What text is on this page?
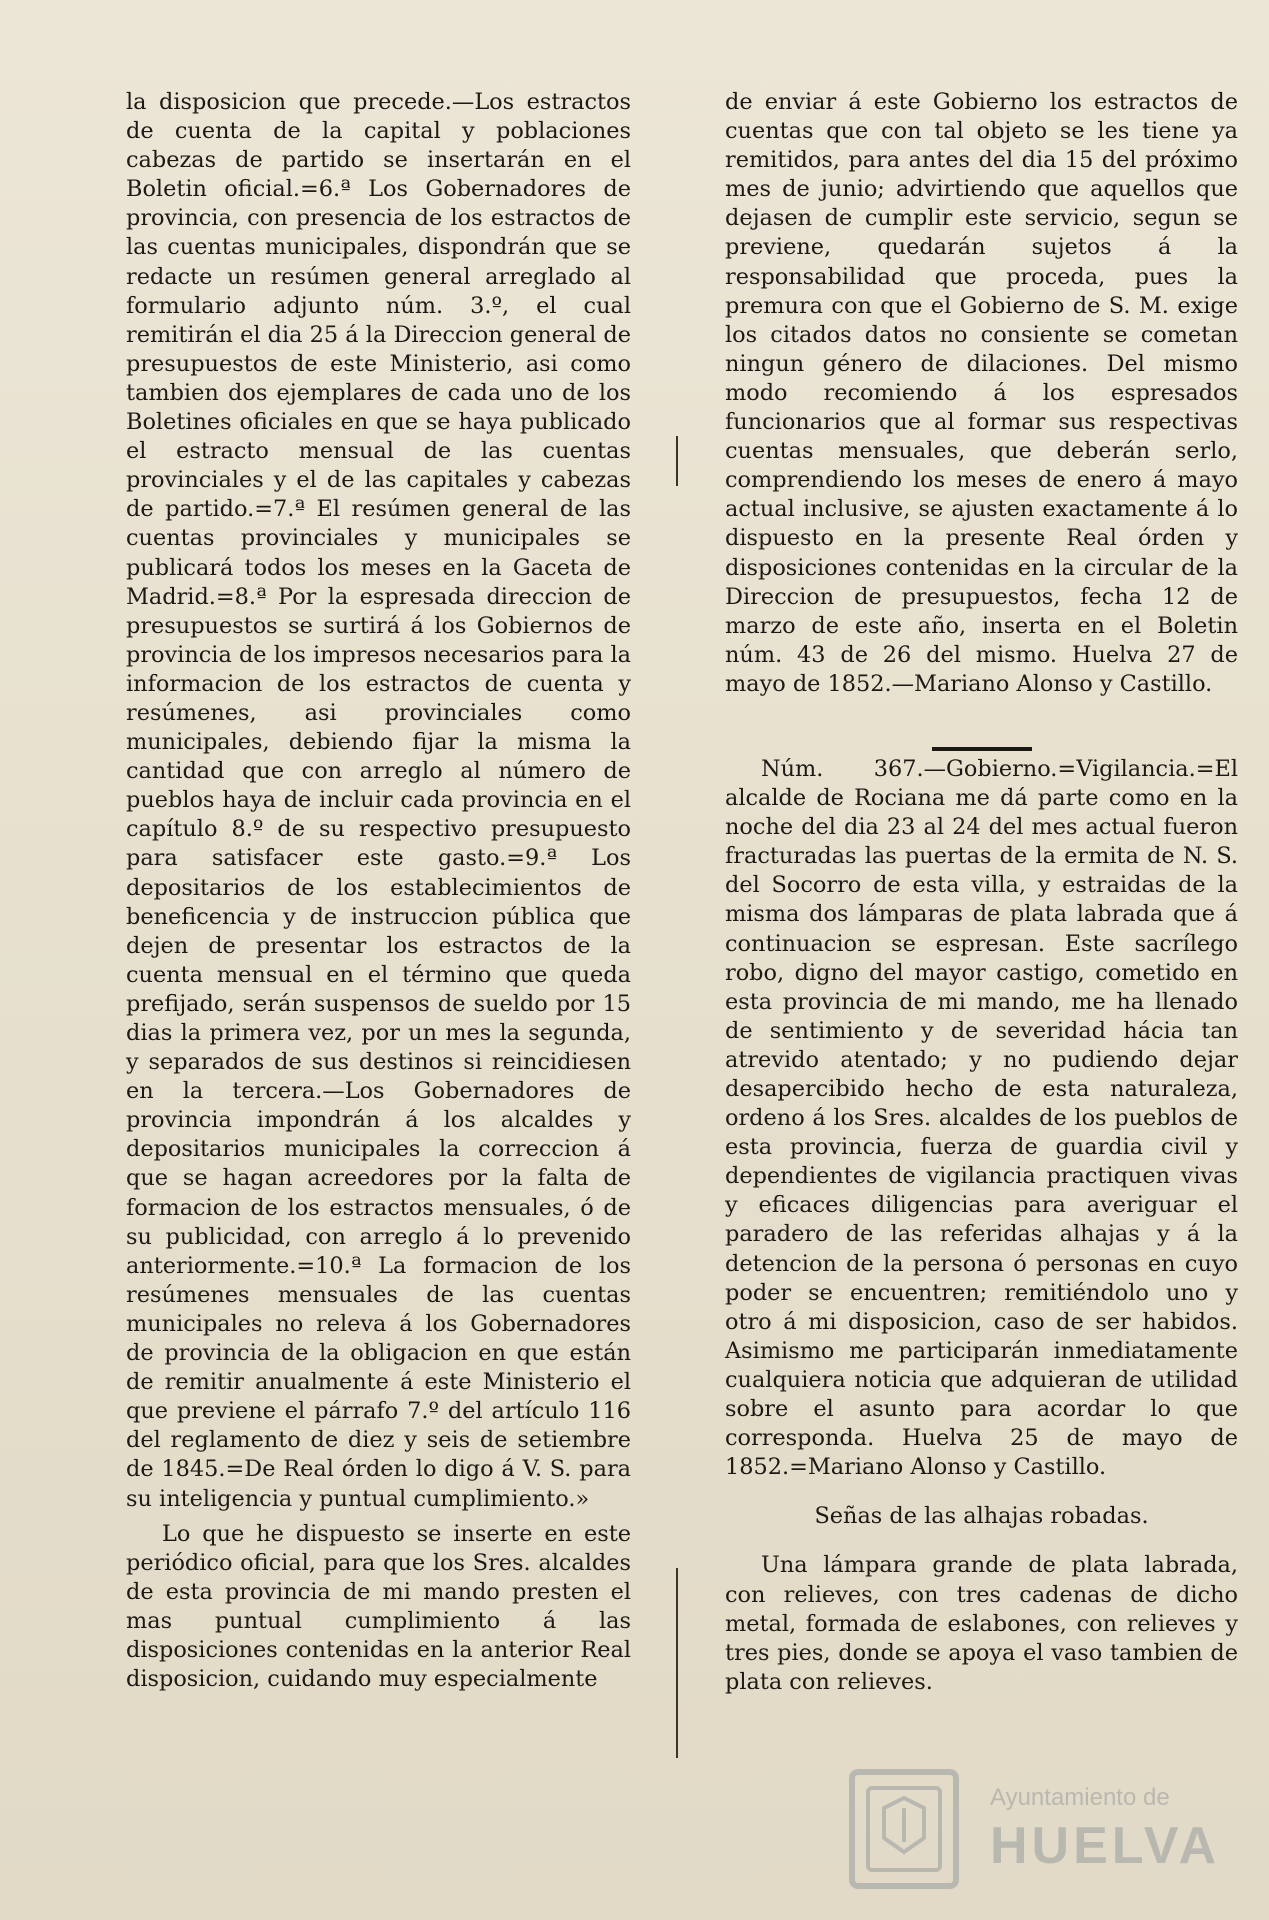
la disposicion que precede.—Los estractos de cuenta de la capital y poblaciones cabezas de partido se insertarán en el Boletin oficial.=6.ª Los Gobernadores de provincia, con presencia de los estractos de las cuentas municipales, dispondrán que se redacte un resúmen general arreglado al formulario adjunto núm. 3.º, el cual remitirán el dia 25 á la Direccion general de presupuestos de este Ministerio, asi como tambien dos ejemplares de cada uno de los Boletines oficiales en que se haya publicado el estracto mensual de las cuentas provinciales y el de las capitales y cabezas de partido.=7.ª El resúmen general de las cuentas provinciales y municipales se publicará todos los meses en la Gaceta de Madrid.=8.ª Por la espresada direccion de presupuestos se surtirá á los Gobiernos de provincia de los impresos necesarios para la informacion de los estractos de cuenta y resúmenes, asi provinciales como municipales, debiendo fijar la misma la cantidad que con arreglo al número de pueblos haya de incluir cada provincia en el capítulo 8.º de su respectivo presupuesto para satisfacer este gasto.=9.ª Los depositarios de los establecimientos de beneficencia y de instruccion pública que dejen de presentar los estractos de la cuenta mensual en el término que queda prefijado, serán suspensos de sueldo por 15 dias la primera vez, por un mes la segunda, y separados de sus destinos si reincidiesen en la tercera.—Los Gobernadores de provincia impondrán á los alcaldes y depositarios municipales la correccion á que se hagan acreedores por la falta de formacion de los estractos mensuales, ó de su publicidad, con arreglo á lo prevenido anteriormente.=10.ª La formacion de los resúmenes mensuales de las cuentas municipales no releva á los Gobernadores de provincia de la obligacion en que están de remitir anualmente á este Ministerio el que previene el párrafo 7.º del artículo 116 del reglamento de diez y seis de setiembre de 1845.=De Real órden lo digo á V. S. para su inteligencia y puntual cumplimiento.»

Lo que he dispuesto se inserte en este periódico oficial, para que los Sres. alcaldes de esta provincia de mi mando presten el mas puntual cumplimiento á las disposiciones contenidas en la anterior Real disposicion, cuidando muy especialmente

de enviar á este Gobierno los estractos de cuentas que con tal objeto se les tiene ya remitidos, para antes del dia 15 del próximo mes de junio; advirtiendo que aquellos que dejasen de cumplir este servicio, segun se previene, quedarán sujetos á la responsabilidad que proceda, pues la premura con que el Gobierno de S. M. exige los citados datos no consiente se cometan ningun género de dilaciones. Del mismo modo recomiendo á los espresados funcionarios que al formar sus respectivas cuentas mensuales, que deberán serlo, comprendiendo los meses de enero á mayo actual inclusive, se ajusten exactamente á lo dispuesto en la presente Real órden y disposiciones contenidas en la circular de la Direccion de presupuestos, fecha 12 de marzo de este año, inserta en el Boletin núm. 43 de 26 del mismo. Huelva 27 de mayo de 1852.—Mariano Alonso y Castillo.

Núm. 367.—Gobierno.=Vigilancia.=El alcalde de Rociana me dá parte como en la noche del dia 23 al 24 del mes actual fueron fracturadas las puertas de la ermita de N. S. del Socorro de esta villa, y estraidas de la misma dos lámparas de plata labrada que á continuacion se espresan. Este sacrílego robo, digno del mayor castigo, cometido en esta provincia de mi mando, me ha llenado de sentimiento y de severidad hácia tan atrevido atentado; y no pudiendo dejar desapercibido hecho de esta naturaleza, ordeno á los Sres. alcaldes de los pueblos de esta provincia, fuerza de guardia civil y dependientes de vigilancia practiquen vivas y eficaces diligencias para averiguar el paradero de las referidas alhajas y á la detencion de la persona ó personas en cuyo poder se encuentren; remitiéndolo uno y otro á mi disposicion, caso de ser habidos. Asimismo me participarán inmediatamente cualquiera noticia que adquieran de utilidad sobre el asunto para acordar lo que corresponda. Huelva 25 de mayo de 1852.=Mariano Alonso y Castillo.

Señas de las alhajas robadas.

Una lámpara grande de plata labrada, con relieves, con tres cadenas de dicho metal, formada de eslabones, con relieves y tres pies, donde se apoya el vaso tambien de plata con relieves.

Ayuntamiento de
HUELVA
